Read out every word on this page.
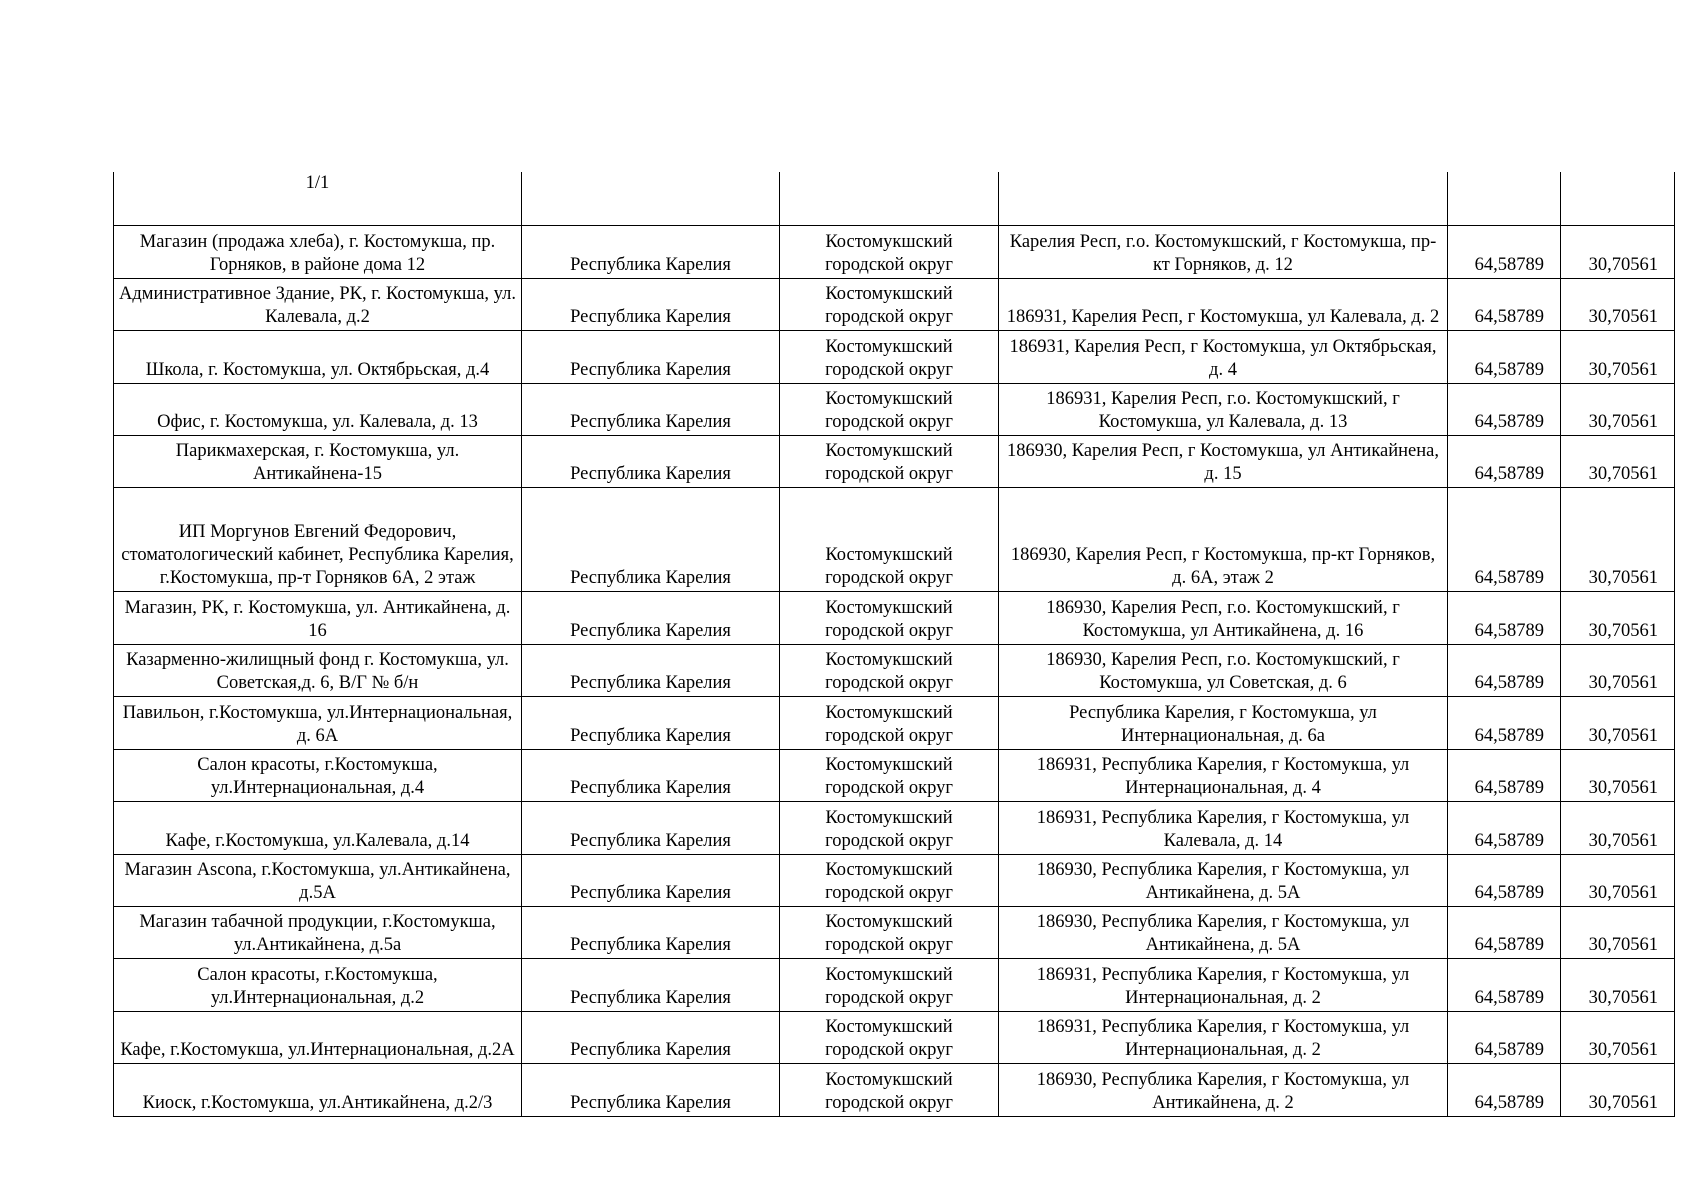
1/1					
Магазин (продажа хлеба), г. Костомукша, пр. Горняков, в районе дома 12	Республика Карелия	Костомукшский городской округ	Карелия Респ, г.о. Костомукшский, г Костомукша, пр-кт Горняков, д. 12	64,58789	30,70561
Административное Здание, РК, г. Костомукша, ул. Калевала, д.2	Республика Карелия	Костомукшский городской округ	186931, Карелия Респ, г Костомукша, ул Калевала, д. 2	64,58789	30,70561
Школа, г. Костомукша, ул. Октябрьская, д.4	Республика Карелия	Костомукшский городской округ	186931, Карелия Респ, г Костомукша, ул Октябрьская, д. 4	64,58789	30,70561
Офис, г. Костомукша, ул. Калевала, д. 13	Республика Карелия	Костомукшский городской округ	186931, Карелия Респ, г.о. Костомукшский, г Костомукша, ул Калевала, д. 13	64,58789	30,70561
Парикмахерская, г. Костомукша, ул. Антикайнена-15	Республика Карелия	Костомукшский городской округ	186930, Карелия Респ, г Костомукша, ул Антикайнена, д. 15	64,58789	30,70561
ИП Моргунов Евгений Федорович, стоматологический кабинет, Республика Карелия, г.Костомукша, пр-т Горняков 6А, 2 этаж	Республика Карелия	Костомукшский городской округ	186930, Карелия Респ, г Костомукша, пр-кт Горняков, д. 6А, этаж 2	64,58789	30,70561
Магазин, РК, г. Костомукша, ул. Антикайнена, д. 16	Республика Карелия	Костомукшский городской округ	186930, Карелия Респ, г.о. Костомукшский, г Костомукша, ул Антикайнена, д. 16	64,58789	30,70561
Казарменно-жилищный фонд г. Костомукша, ул. Советская,д. 6, В/Г № б/н	Республика Карелия	Костомукшский городской округ	186930, Карелия Респ, г.о. Костомукшский, г Костомукша, ул Советская, д. 6	64,58789	30,70561
Павильон, г.Костомукша, ул.Интернациональная, д. 6А	Республика Карелия	Костомукшский городской округ	Республика Карелия, г Костомукша, ул Интернациональная, д. 6а	64,58789	30,70561
Салон красоты, г.Костомукша, ул.Интернациональная, д.4	Республика Карелия	Костомукшский городской округ	186931, Республика Карелия, г Костомукша, ул Интернациональная, д. 4	64,58789	30,70561
Кафе, г.Костомукша, ул.Калевала, д.14	Республика Карелия	Костомукшский городской округ	186931, Республика Карелия, г Костомукша, ул Калевала, д. 14	64,58789	30,70561
Магазин Ascona, г.Костомукша, ул.Антикайнена, д.5А	Республика Карелия	Костомукшский городской округ	186930, Республика Карелия, г Костомукша, ул Антикайнена, д. 5А	64,58789	30,70561
Магазин табачной продукции, г.Костомукша, ул.Антикайнена, д.5а	Республика Карелия	Костомукшский городской округ	186930, Республика Карелия, г Костомукша, ул Антикайнена, д. 5А	64,58789	30,70561
Салон красоты, г.Костомукша, ул.Интернациональная, д.2	Республика Карелия	Костомукшский городской округ	186931, Республика Карелия, г Костомукша, ул Интернациональная, д. 2	64,58789	30,70561
Кафе, г.Костомукша, ул.Интернациональная, д.2А	Республика Карелия	Костомукшский городской округ	186931, Республика Карелия, г Костомукша, ул Интернациональная, д. 2	64,58789	30,70561
Киоск, г.Костомукша, ул.Антикайнена, д.2/3	Республика Карелия	Костомукшский городской округ	186930, Республика Карелия, г Костомукша, ул Антикайнена, д. 2	64,58789	30,70561
